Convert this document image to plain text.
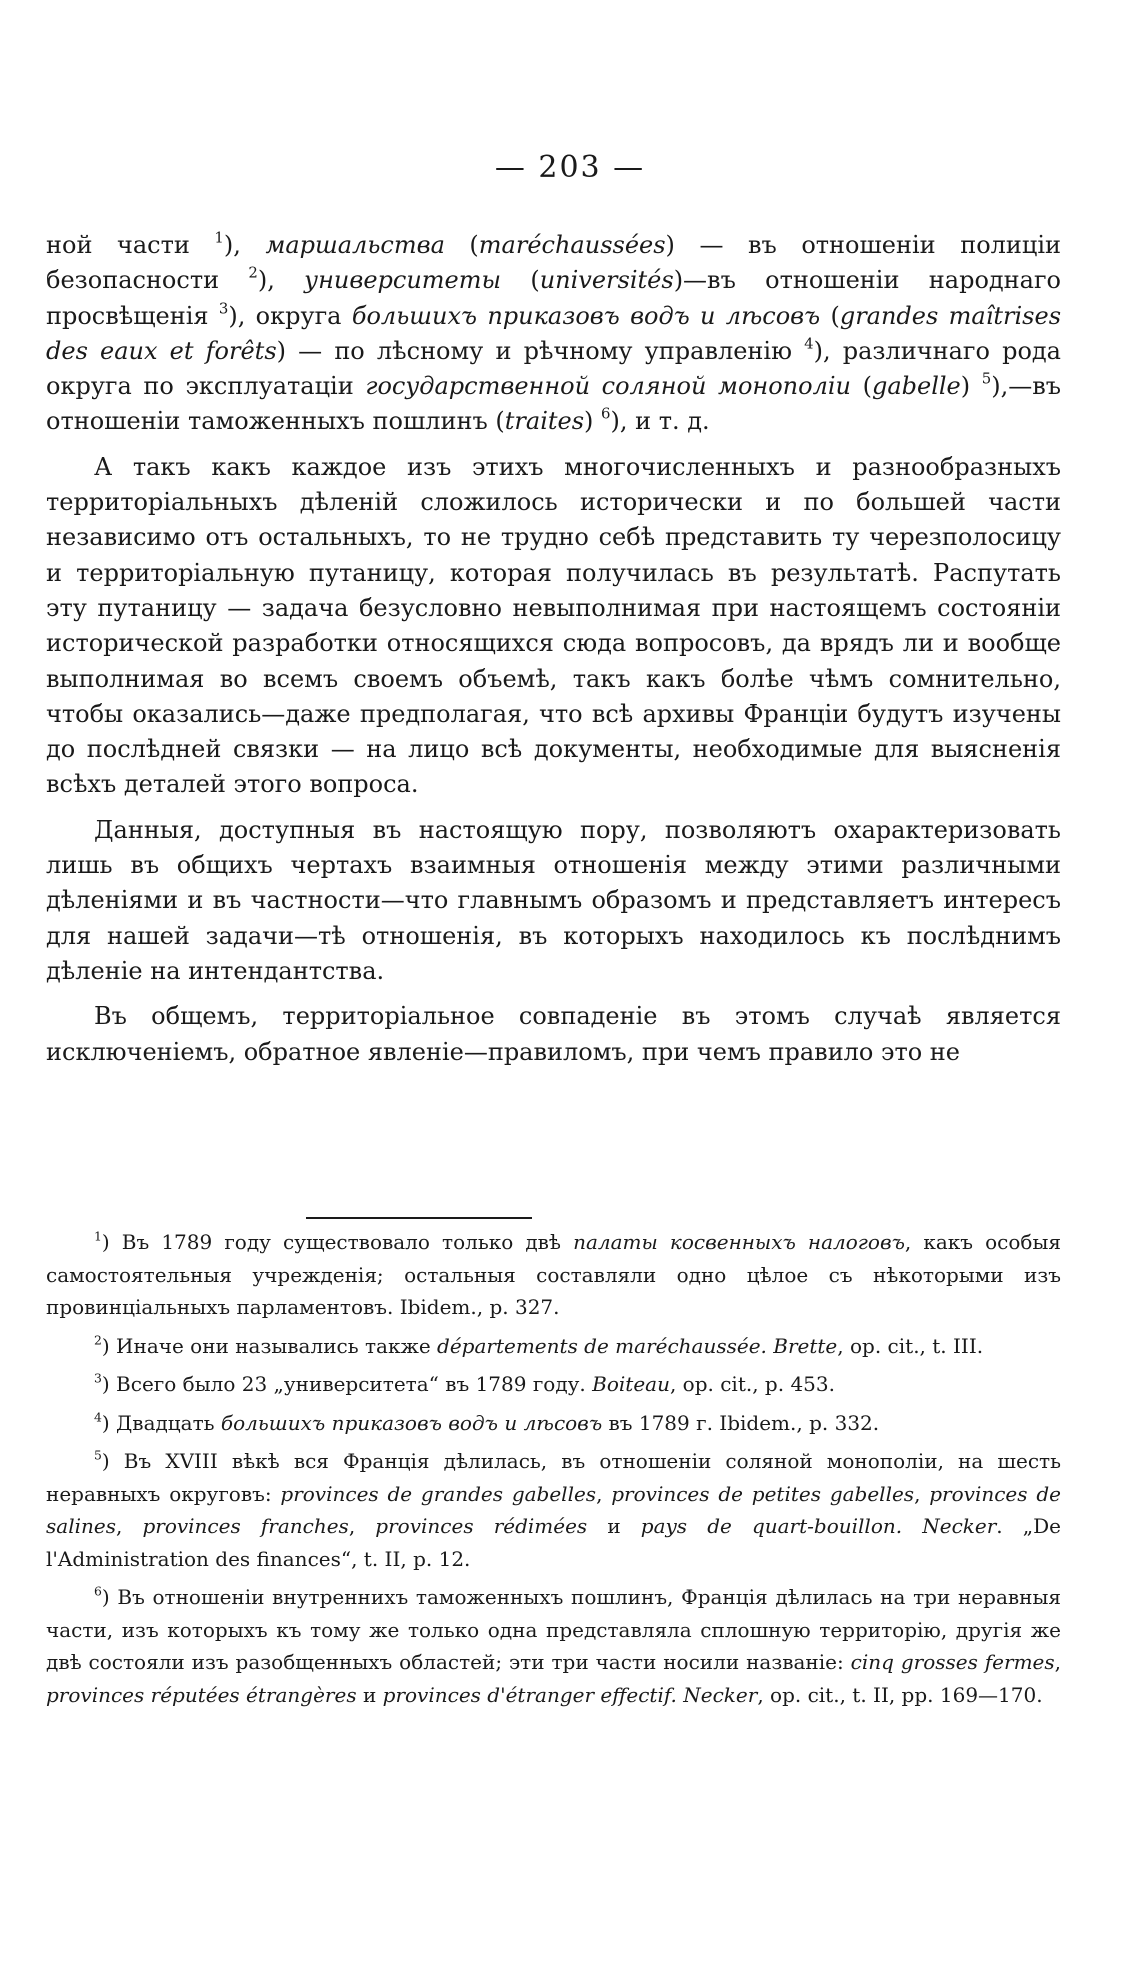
— 203 —

ной части $^1$), маршальства (maréchaussées) — въ отношеніи полиціи безопасности $^2$), университеты (universités)—въ отношеніи народнаго просвѣщенія $^3$), округа большихъ приказовъ водъ и лѣсовъ (grandes maîtrises des eaux et forêts) — по лѣсному и рѣчному управленію $^4$), различнаго рода округа по эксплуатаціи государственной соляной монополіи (gabelle) $^5$),—въ отношеніи таможенныхъ пошлинъ (traites) $^6$), и т. д.

А такъ какъ каждое изъ этихъ многочисленныхъ и разнообразныхъ территоріальныхъ дѣленій сложилось исторически и по большей части независимо отъ остальныхъ, то не трудно себѣ представить ту черезполосицу и территоріальную путаницу, которая получилась въ результатѣ. Распутать эту путаницу — задача безусловно невыполнимая при настоящемъ состояніи исторической разработки относящихся сюда вопросовъ, да врядъ ли и вообще выполнимая во всемъ своемъ объемѣ, такъ какъ болѣе чѣмъ сомнительно, чтобы оказались—даже предполагая, что всѣ архивы Франціи будутъ изучены до послѣдней связки — на лицо всѣ документы, необходимые для выясненія всѣхъ деталей этого вопроса.

Данныя, доступныя въ настоящую пору, позволяютъ охарактеризовать лишь въ общихъ чертахъ взаимныя отношенія между этими различными дѣленіями и въ частности—что главнымъ образомъ и представляетъ интересъ для нашей задачи—тѣ отношенія, въ которыхъ находилось къ послѣднимъ дѣленіе на интендантства.

Въ общемъ, территоріальное совпаденіе въ этомъ случаѣ является исключеніемъ, обратное явленіе—правиломъ, при чемъ правило это не

$^1$) Въ 1789 году существовало только двѣ палаты косвенныхъ налоговъ, какъ особыя самостоятельныя учрежденія; остальныя составляли одно цѣлое съ нѣкоторыми изъ провинціальныхъ парламентовъ. Ibidem., p. 327.

$^2$) Иначе они назывались также départements de maréchaussée. Brette, op. cit., t. III.

$^3$) Всего было 23 „университета“ въ 1789 году. Boiteau, op. cit., p. 453.

$^4$) Двадцать большихъ приказовъ водъ и лѣсовъ въ 1789 г. Ibidem., p. 332.

$^5$) Въ XVIII вѣкѣ вся Франція дѣлилась, въ отношеніи соляной монополіи, на шесть неравныхъ округовъ: provinces de grandes gabelles, provinces de petites gabelles, provinces de salines, provinces franches, provinces rédimées и pays de quart-bouillon. Necker. „De l'Administration des finances“, t. II, p. 12.

$^6$) Въ отношеніи внутреннихъ таможенныхъ пошлинъ, Франція дѣлилась на три неравныя части, изъ которыхъ къ тому же только одна представляла сплошную территорію, другія же двѣ состояли изъ разобщенныхъ областей; эти три части носили названіе: cinq grosses fermes, provinces réputées étrangères и provinces d'étranger effectif. Necker, op. cit., t. II, pp. 169—170.
